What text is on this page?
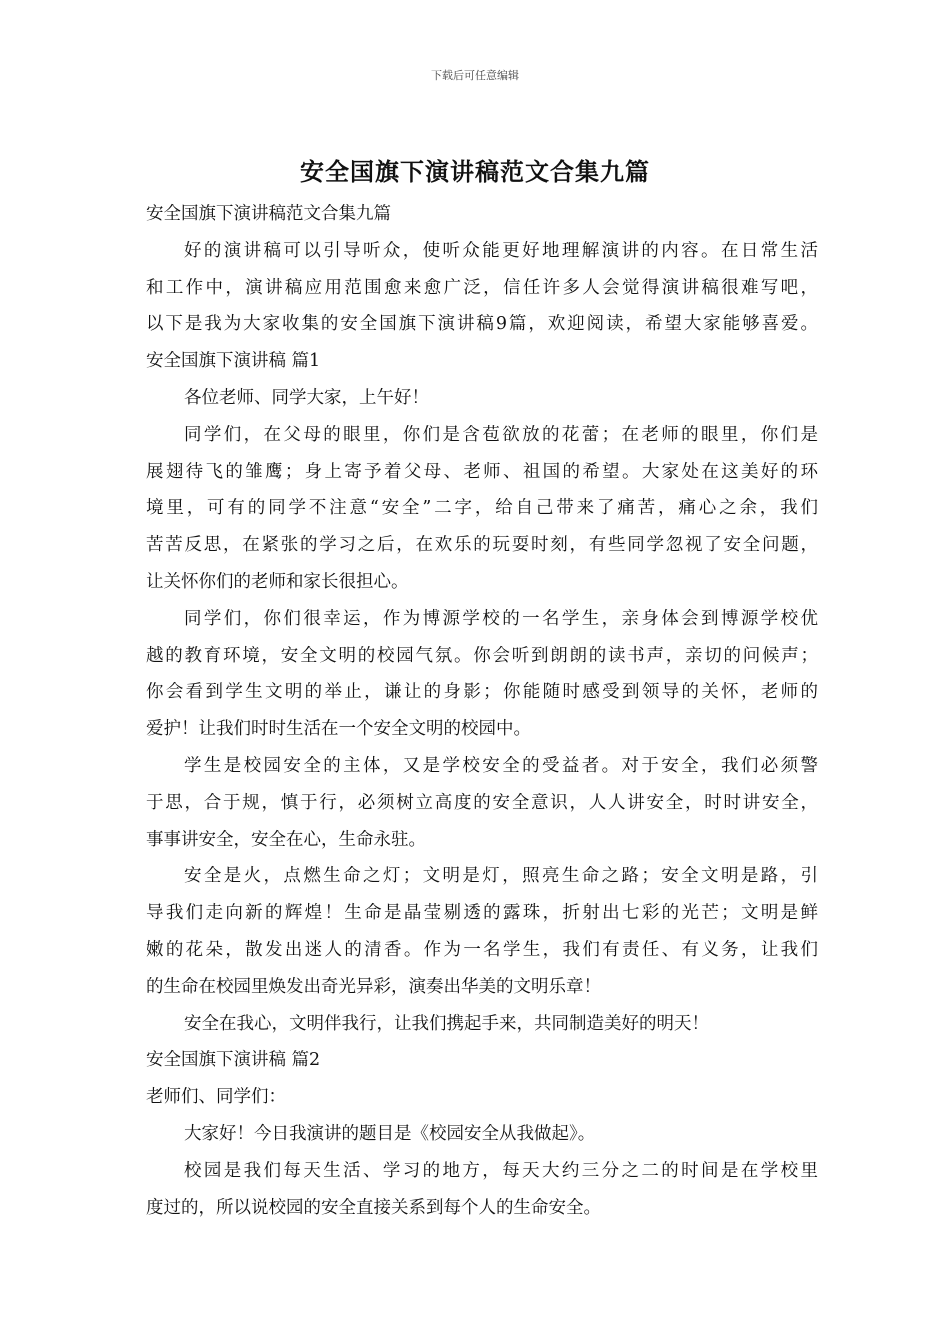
下载后可任意编辑
安全国旗下演讲稿范文合集九篇
安全国旗下演讲稿范文合集九篇
好的演讲稿可以引导听众，使听众能更好地理解演讲的内容。在日常生活
和工作中，演讲稿应用范围愈来愈广泛，信任许多人会觉得演讲稿很难写吧，
以下是我为大家收集的安全国旗下演讲稿9篇，欢迎阅读，希望大家能够喜爱。
安全国旗下演讲稿 篇1
各位老师、同学大家，上午好！
同学们，在父母的眼里，你们是含苞欲放的花蕾；在老师的眼里，你们是
展翅待飞的雏鹰；身上寄予着父母、老师、祖国的希望。大家处在这美好的环
境里，可有的同学不注意“安全”二字，给自己带来了痛苦，痛心之余，我们
苦苦反思，在紧张的学习之后，在欢乐的玩耍时刻，有些同学忽视了安全问题，
让关怀你们的老师和家长很担心。
同学们，你们很幸运，作为博源学校的一名学生，亲身体会到博源学校优
越的教育环境，安全文明的校园气氛。你会听到朗朗的读书声，亲切的问候声；
你会看到学生文明的举止，谦让的身影；你能随时感受到领导的关怀，老师的
爱护！让我们时时生活在一个安全文明的校园中。
学生是校园安全的主体，又是学校安全的受益者。对于安全，我们必须警
于思，合于规，慎于行，必须树立高度的安全意识，人人讲安全，时时讲安全，
事事讲安全，安全在心，生命永驻。
安全是火，点燃生命之灯；文明是灯，照亮生命之路；安全文明是路，引
导我们走向新的辉煌！生命是晶莹剔透的露珠，折射出七彩的光芒；文明是鲜
嫩的花朵，散发出迷人的清香。作为一名学生，我们有责任、有义务，让我们
的生命在校园里焕发出奇光异彩，演奏出华美的文明乐章！
安全在我心，文明伴我行，让我们携起手来，共同制造美好的明天！
安全国旗下演讲稿 篇2
老师们、同学们：
大家好！今日我演讲的题目是《校园安全从我做起》。
校园是我们每天生活、学习的地方，每天大约三分之二的时间是在学校里
度过的，所以说校园的安全直接关系到每个人的生命安全。
